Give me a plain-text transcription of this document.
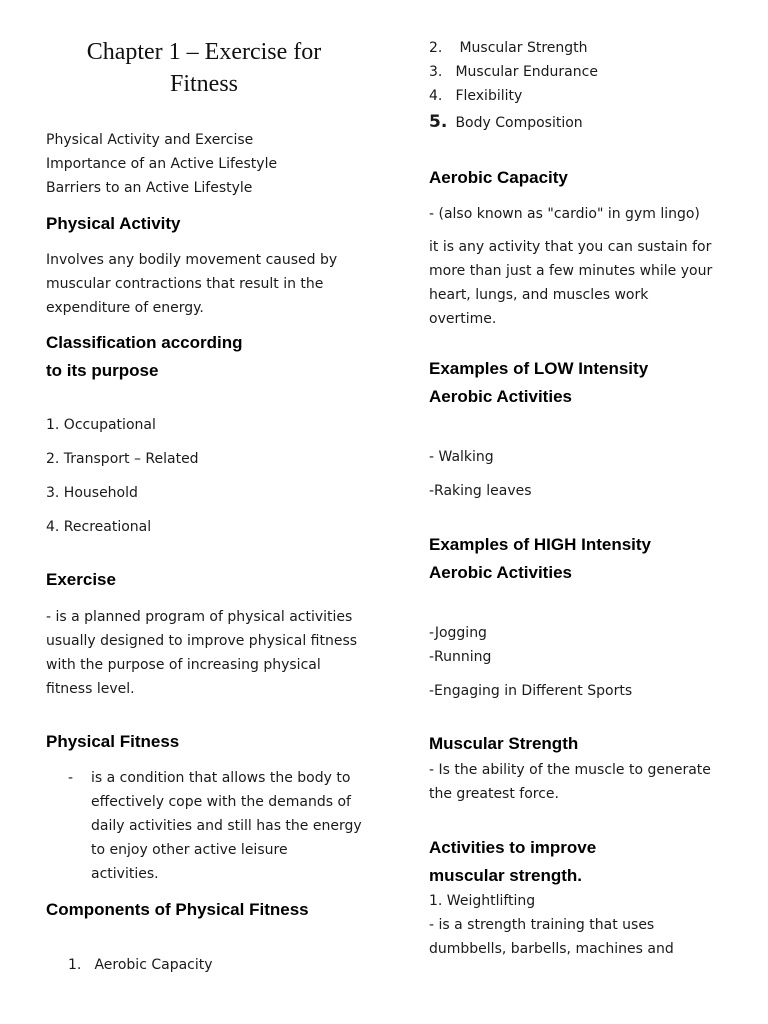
Chapter 1 – Exercise for
Fitness
Physical Activity and Exercise
Importance of an Active Lifestyle
Barriers to an Active Lifestyle
Physical Activity
Involves any bodily movement caused by
muscular contractions that result in the
expenditure of energy.
Classification according
to its purpose
1. Occupational
2. Transport – Related
3. Household
4. Recreational
Exercise
- is a planned program of physical activities
usually designed to improve physical fitness
with the purpose of increasing physical
fitness level.
Physical Fitness
- is a condition that allows the body to
effectively cope with the demands of
daily activities and still has the energy
to enjoy other active leisure
activities.
Components of Physical Fitness
1. Aerobic Capacity
2. Muscular Strength
3. Muscular Endurance
4. Flexibility
5. Body Composition
Aerobic Capacity
- (also known as "cardio" in gym lingo)
it is any activity that you can sustain for
more than just a few minutes while your
heart, lungs, and muscles work
overtime.
Examples of LOW Intensity
Aerobic Activities
- Walking
-Raking leaves
Examples of HIGH Intensity
Aerobic Activities
-Jogging
-Running
-Engaging in Different Sports
Muscular Strength
- Is the ability of the muscle to generate
the greatest force.
Activities to improve
muscular strength.
1. Weightlifting
- is a strength training that uses
dumbbells, barbells, machines and
